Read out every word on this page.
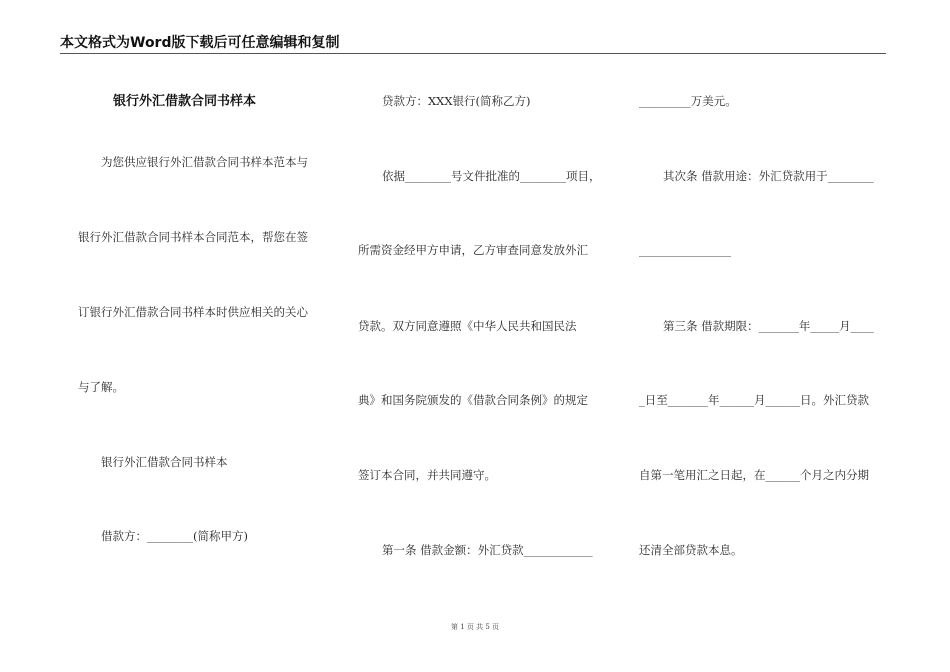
本文格式为Word版下载后可任意编辑和复制
银行外汇借款合同书样本
为您供应银行外汇借款合同书样本范本与
银行外汇借款合同书样本合同范本，帮您在签
订银行外汇借款合同书样本时供应相关的关心
与了解。
银行外汇借款合同书样本
借款方：________(简称甲方)
贷款方：XXX银行(简称乙方)
依据________号文件批准的________项目，
所需资金经甲方申请，乙方审查同意发放外汇
贷款。双方同意遵照《中华人民共和国民法
典》和国务院颁发的《借款合同条例》的规定
签订本合同，并共同遵守。
第一条 借款金额：外汇贷款____________
_________万美元。
其次条 借款用途：外汇贷款用于________
________________
第三条 借款期限：_______年_____月____
_日至_______年______月______日。外汇贷款
自第一笔用汇之日起，在______个月之内分期
还清全部贷款本息。
第 1 页 共 5 页
